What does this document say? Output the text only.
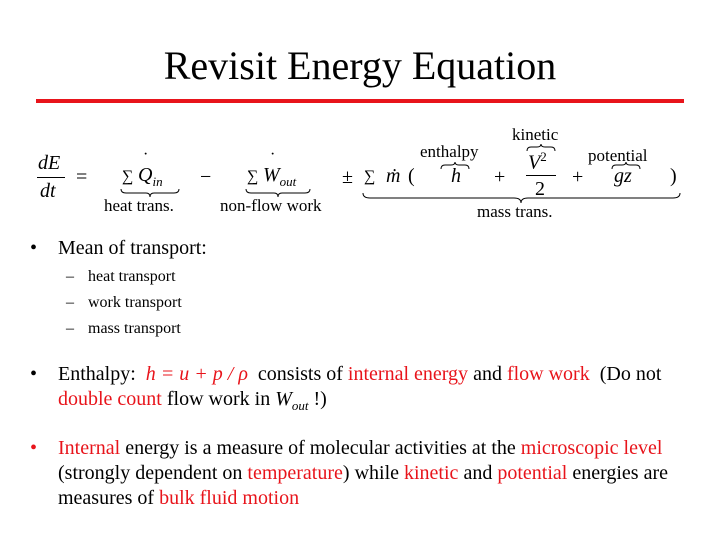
Revisit Energy Equation
dE
dt
= ∑ $Q_{in}$
·
heat trans.
− ∑ $W_{out}$
·
non-flow work
± ∑ ṁ (
enthalpy
h +
kinetic
$V^2$
2
+
potential
gz )
mass trans.
• Mean of transport:
– heat transport
– work transport
– mass transport
• Enthalpy: h = u + p / ρ consists of internal energy and flow work (Do not double count flow work in $W_{out}$ !)
• Internal energy is a measure of molecular activities at the microscopic level (strongly dependent on temperature) while kinetic and potential energies are measures of bulk fluid motion
